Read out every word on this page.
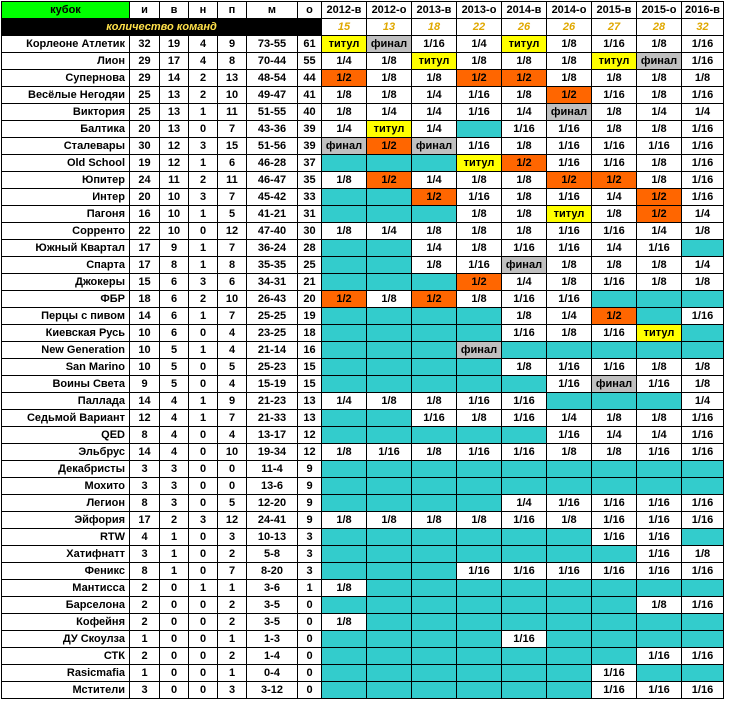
кубок	и	в	н	п	м	о	2012-в	2012-о	2013-в	2013-о	2014-в	2014-о	2015-в	2015-о	2016-в
количество команд							15	13	18	22	26	26	27	28	32
Корлеоне Атлетик	32	19	4	9	73-55	61	титул	финал	1/16	1/4	титул	1/8	1/16	1/8	1/16
Лион	29	17	4	8	70-44	55	1/4	1/8	титул	1/8	1/8	1/8	титул	финал	1/16
Супернова	29	14	2	13	48-54	44	1/2	1/8	1/8	1/2	1/2	1/8	1/8	1/8	1/8
Весёлые Негодяи	25	13	2	10	49-47	41	1/8	1/8	1/4	1/16	1/8	1/2	1/16	1/8	1/16
Виктория	25	13	1	11	51-55	40	1/8	1/4	1/4	1/16	1/4	финал	1/8	1/4	1/4
Балтика	20	13	0	7	43-36	39	1/4	титул	1/4		1/16	1/16	1/8	1/8	1/16
Сталевары	30	12	3	15	51-56	39	финал	1/2	финал	1/16	1/8	1/16	1/16	1/16	1/16
Old School	19	12	1	6	46-28	37				титул	1/2	1/16	1/16	1/8	1/16
Юпитер	24	11	2	11	46-47	35	1/8	1/2	1/4	1/8	1/8	1/2	1/2	1/8	1/16
Интер	20	10	3	7	45-42	33			1/2	1/16	1/8	1/16	1/4	1/2	1/16
Пагоня	16	10	1	5	41-21	31				1/8	1/8	титул	1/8	1/2	1/4
Сорренто	22	10	0	12	47-40	30	1/8	1/4	1/8	1/8	1/8	1/16	1/16	1/4	1/8
Южный Квартал	17	9	1	7	36-24	28			1/4	1/8	1/16	1/16	1/4	1/16	
Спарта	17	8	1	8	35-35	25			1/8	1/16	финал	1/8	1/8	1/8	1/4
Джокеры	15	6	3	6	34-31	21				1/2	1/4	1/8	1/16	1/8	1/8
ФБР	18	6	2	10	26-43	20	1/2	1/8	1/2	1/8	1/16	1/16			
Перцы с пивом	14	6	1	7	25-25	19					1/8	1/4	1/2		1/16
Киевская Русь	10	6	0	4	23-25	18					1/16	1/8	1/16	титул	
New Generation	10	5	1	4	21-14	16				финал					
San Marino	10	5	0	5	25-23	15					1/8	1/16	1/16	1/8	1/8
Воины Света	9	5	0	4	15-19	15						1/16	финал	1/16	1/8
Паллада	14	4	1	9	21-23	13	1/4	1/8	1/8	1/16	1/16				1/4
Седьмой Вариант	12	4	1	7	21-33	13			1/16	1/8	1/16	1/4	1/8	1/8	1/16
QED	8	4	0	4	13-17	12						1/16	1/4	1/4	1/16
Эльбрус	14	4	0	10	19-34	12	1/8	1/16	1/8	1/16	1/16	1/8	1/8	1/16	1/16
Декабристы	3	3	0	0	11-4	9									
Мохито	3	3	0	0	13-6	9									
Легион	8	3	0	5	12-20	9					1/4	1/16	1/16	1/16	1/16
Эйфория	17	2	3	12	24-41	9	1/8	1/8	1/8	1/8	1/16	1/8	1/16	1/16	1/16
RTW	4	1	0	3	10-13	3							1/16	1/16	
Хатифнатт	3	1	0	2	5-8	3								1/16	1/8
Феникс	8	1	0	7	8-20	3				1/16	1/16	1/16	1/16	1/16	1/16
Мантисса	2	0	1	1	3-6	1	1/8								
Барселона	2	0	0	2	3-5	0								1/8	1/16
Кофейня	2	0	0	2	3-5	0	1/8								
ДУ Скоулза	1	0	0	1	1-3	0					1/16				
СТК	2	0	0	2	1-4	0								1/16	1/16
Rasicmafia	1	0	0	1	0-4	0							1/16		
Мстители	3	0	0	3	3-12	0							1/16	1/16	1/16
